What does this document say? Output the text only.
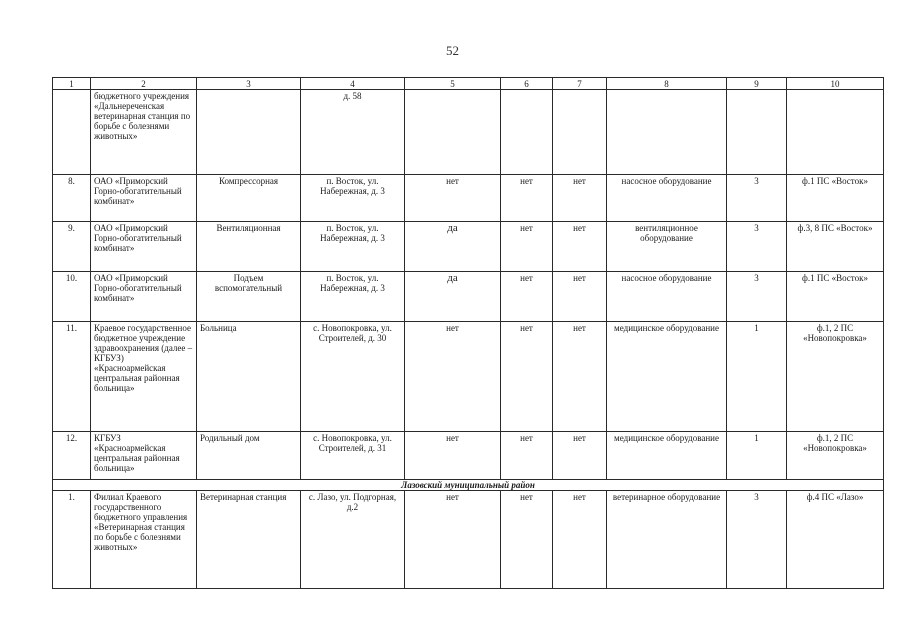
52
1	2	3	4	5	6	7	8	9	10
	бюджетного учреждения «Дальнереченская ветеринарная станция по борьбе с болезнями животных»		д. 58						
8.	ОАО «Приморский Горно-обогатительный комбинат»	Компрессорная	п. Восток, ул. Набережная, д. 3	нет	нет	нет	насосное оборудование	3	ф.1 ПС «Восток»
9.	ОАО «Приморский Горно-обогатительный комбинат»	Вентиляционная	п. Восток, ул. Набережная, д. 3	да	нет	нет	вентиляционное оборудование	3	ф.3, 8 ПС «Восток»
10.	ОАО «Приморский Горно-обогатительный комбинат»	Подъем вспомогательный	п. Восток, ул. Набережная, д. 3	да	нет	нет	насосное оборудование	3	ф.1 ПС «Восток»
11.	Краевое государственное бюджетное учреждение здравоохранения (далее – КГБУЗ) «Красноармейская центральная районная больница»	Больница	с. Новопокровка, ул. Строителей, д. 30	нет	нет	нет	медицинское оборудование	1	ф.1, 2 ПС «Новопокровка»
12.	КГБУЗ «Красноармейская центральная районная больница»	Родильный дом	с. Новопокровка, ул. Строителей, д. 31	нет	нет	нет	медицинское оборудование	1	ф.1, 2 ПС «Новопокровка»
Лазовский муниципальный район									
1.	Филиал Краевого государственного бюджетного управления «Ветеринарная станция по борьбе с болезнями животных»	Ветеринарная станция	с. Лазо, ул. Подгорная, д.2	нет	нет	нет	ветеринарное оборудование	3	ф.4 ПС «Лазо»
